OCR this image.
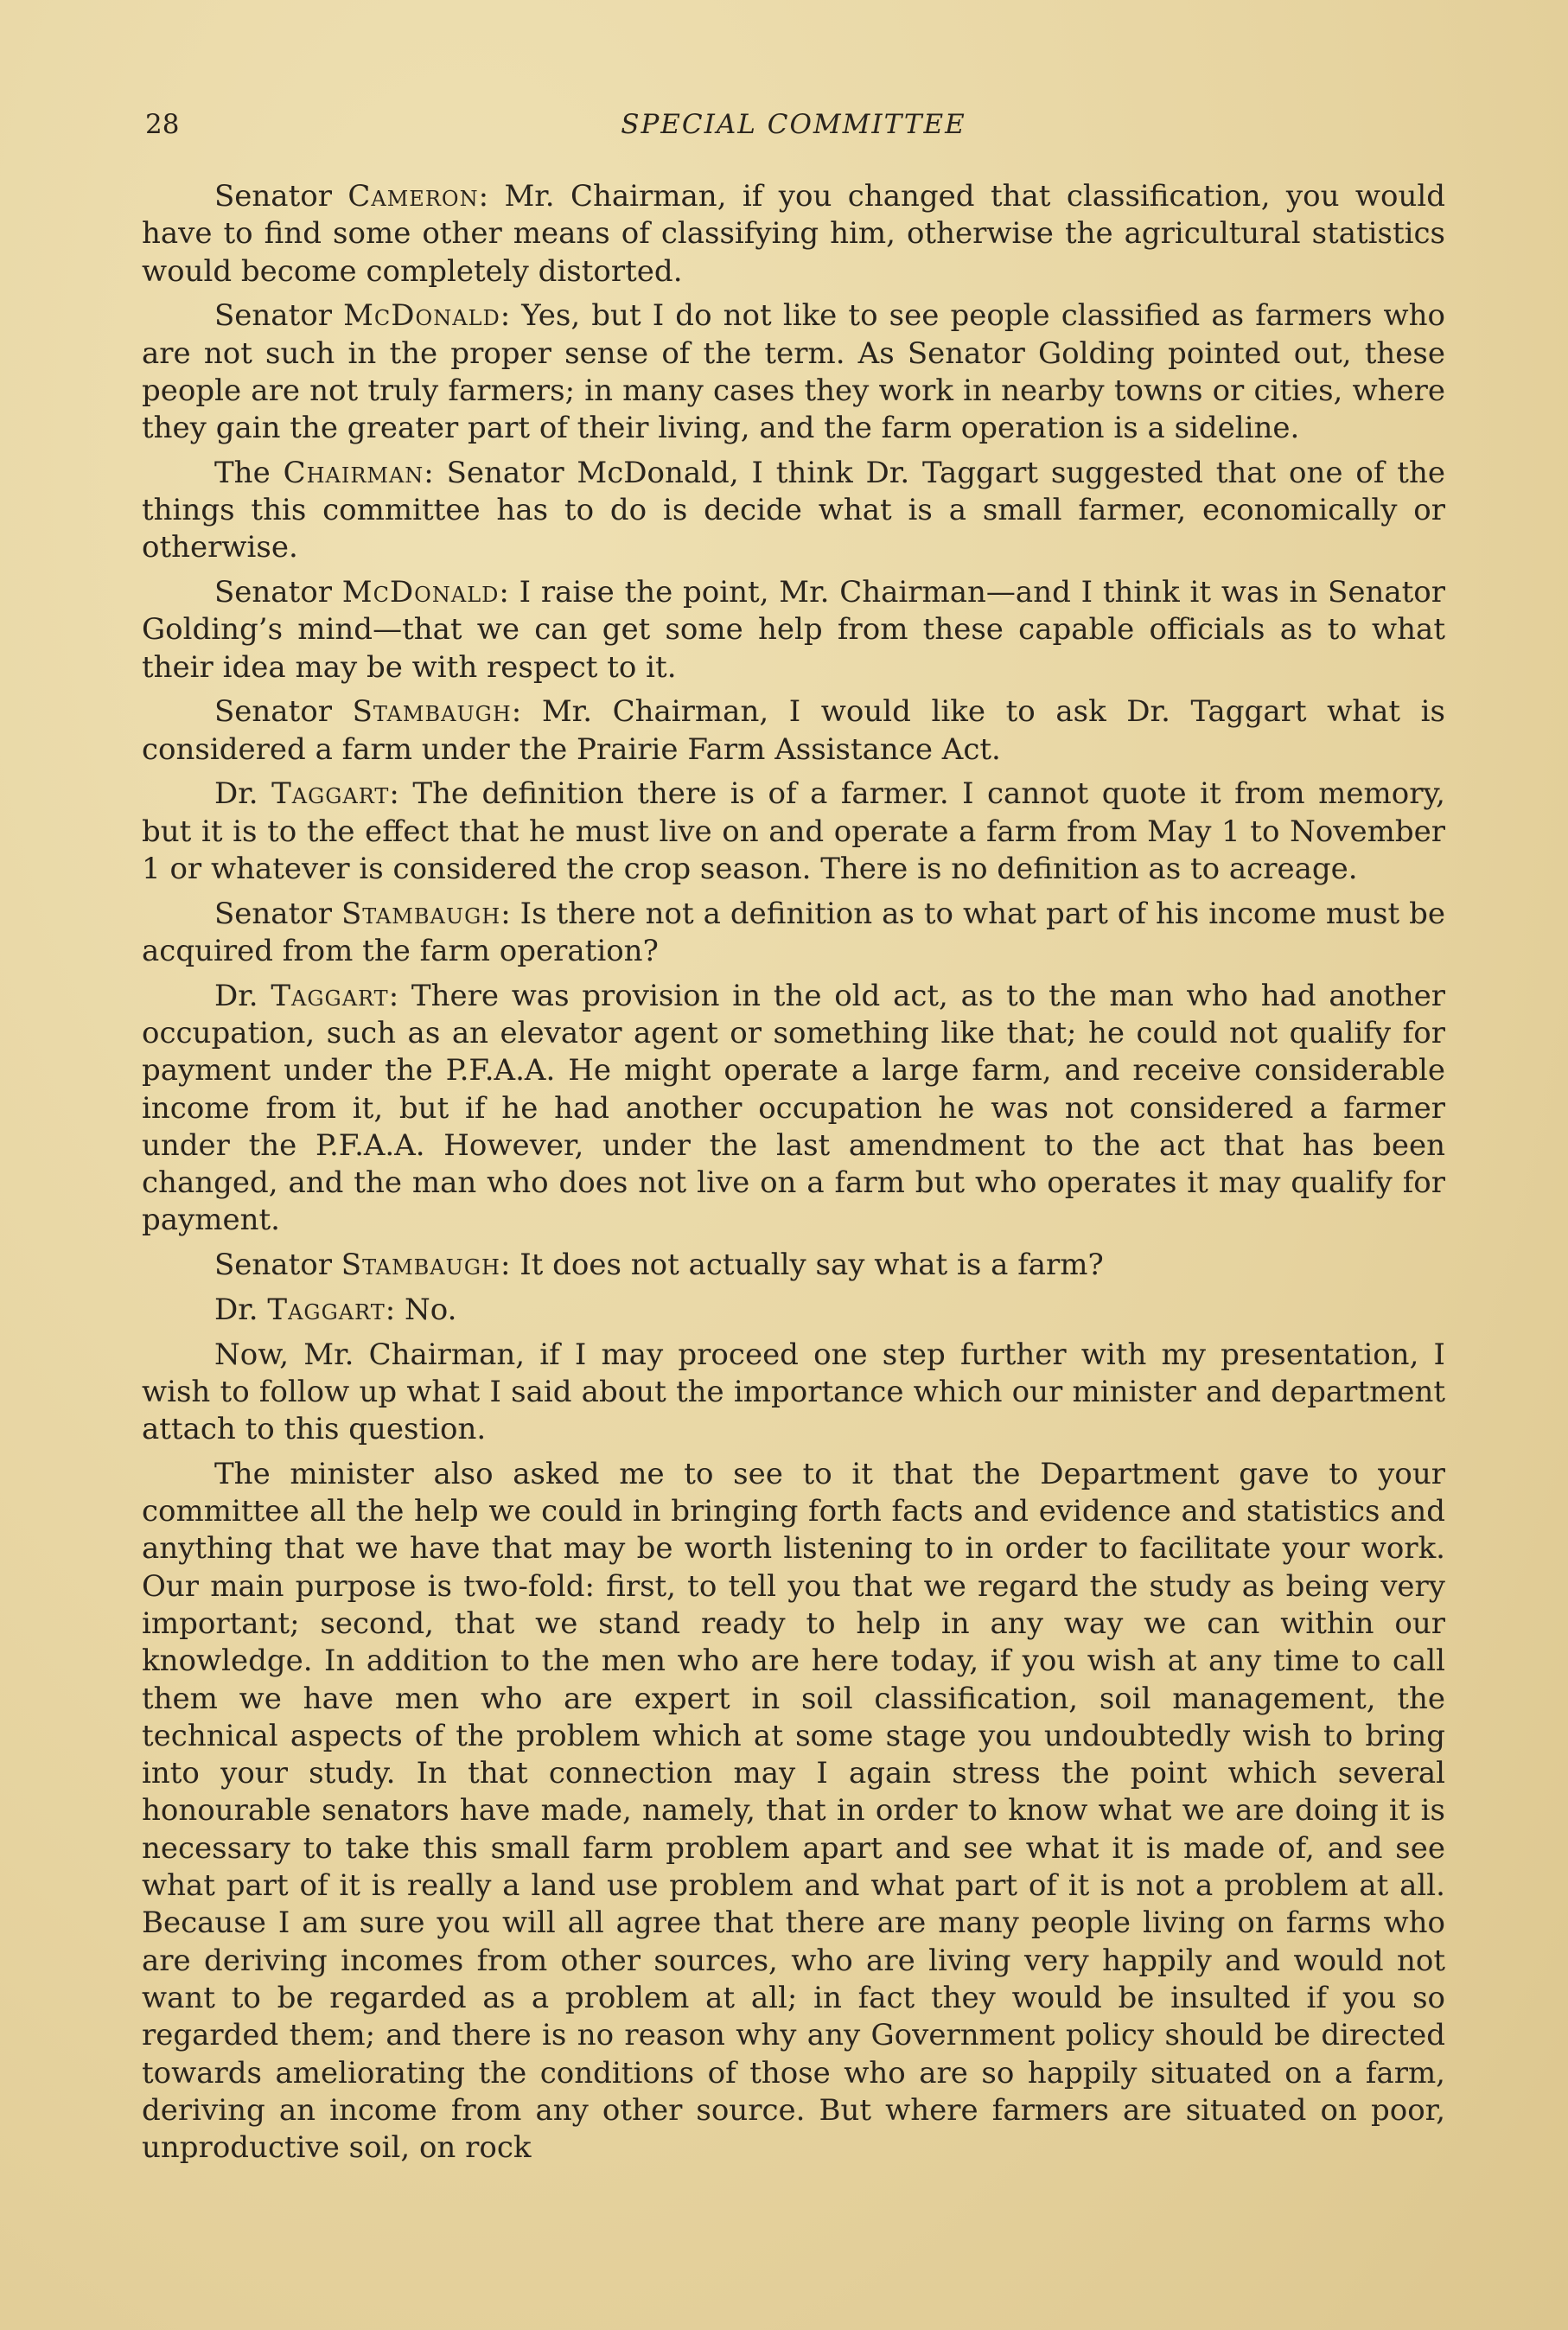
28	SPECIAL COMMITTEE

Senator Cameron: Mr. Chairman, if you changed that classification, you would have to find some other means of classifying him, otherwise the agricultural statistics would become completely distorted.

Senator McDonald: Yes, but I do not like to see people classified as farmers who are not such in the proper sense of the term. As Senator Golding pointed out, these people are not truly farmers; in many cases they work in nearby towns or cities, where they gain the greater part of their living, and the farm operation is a sideline.

The Chairman: Senator McDonald, I think Dr. Taggart suggested that one of the things this committee has to do is decide what is a small farmer, economically or otherwise.

Senator McDonald: I raise the point, Mr. Chairman—and I think it was in Senator Golding’s mind—that we can get some help from these capable officials as to what their idea may be with respect to it.

Senator Stambaugh: Mr. Chairman, I would like to ask Dr. Taggart what is considered a farm under the Prairie Farm Assistance Act.

Dr. Taggart: The definition there is of a farmer. I cannot quote it from memory, but it is to the effect that he must live on and operate a farm from May 1 to November 1 or whatever is considered the crop season. There is no definition as to acreage.

Senator Stambaugh: Is there not a definition as to what part of his income must be acquired from the farm operation?

Dr. Taggart: There was provision in the old act, as to the man who had another occupation, such as an elevator agent or something like that; he could not qualify for payment under the P.F.A.A. He might operate a large farm, and receive considerable income from it, but if he had another occupation he was not considered a farmer under the P.F.A.A. However, under the last amendment to the act that has been changed, and the man who does not live on a farm but who operates it may qualify for payment.

Senator Stambaugh: It does not actually say what is a farm?

Dr. Taggart: No.

Now, Mr. Chairman, if I may proceed one step further with my presentation, I wish to follow up what I said about the importance which our minister and department attach to this question.

The minister also asked me to see to it that the Department gave to your committee all the help we could in bringing forth facts and evidence and statistics and anything that we have that may be worth listening to in order to facilitate your work. Our main purpose is two-fold: first, to tell you that we regard the study as being very important; second, that we stand ready to help in any way we can within our knowledge. In addition to the men who are here today, if you wish at any time to call them we have men who are expert in soil classification, soil management, the technical aspects of the problem which at some stage you undoubtedly wish to bring into your study. In that connection may I again stress the point which several honourable senators have made, namely, that in order to know what we are doing it is necessary to take this small farm problem apart and see what it is made of, and see what part of it is really a land use problem and what part of it is not a problem at all. Because I am sure you will all agree that there are many people living on farms who are deriving incomes from other sources, who are living very happily and would not want to be regarded as a problem at all; in fact they would be insulted if you so regarded them; and there is no reason why any Government policy should be directed towards ameliorating the conditions of those who are so happily situated on a farm, deriving an income from any other source. But where farmers are situated on poor, unproductive soil, on rock
